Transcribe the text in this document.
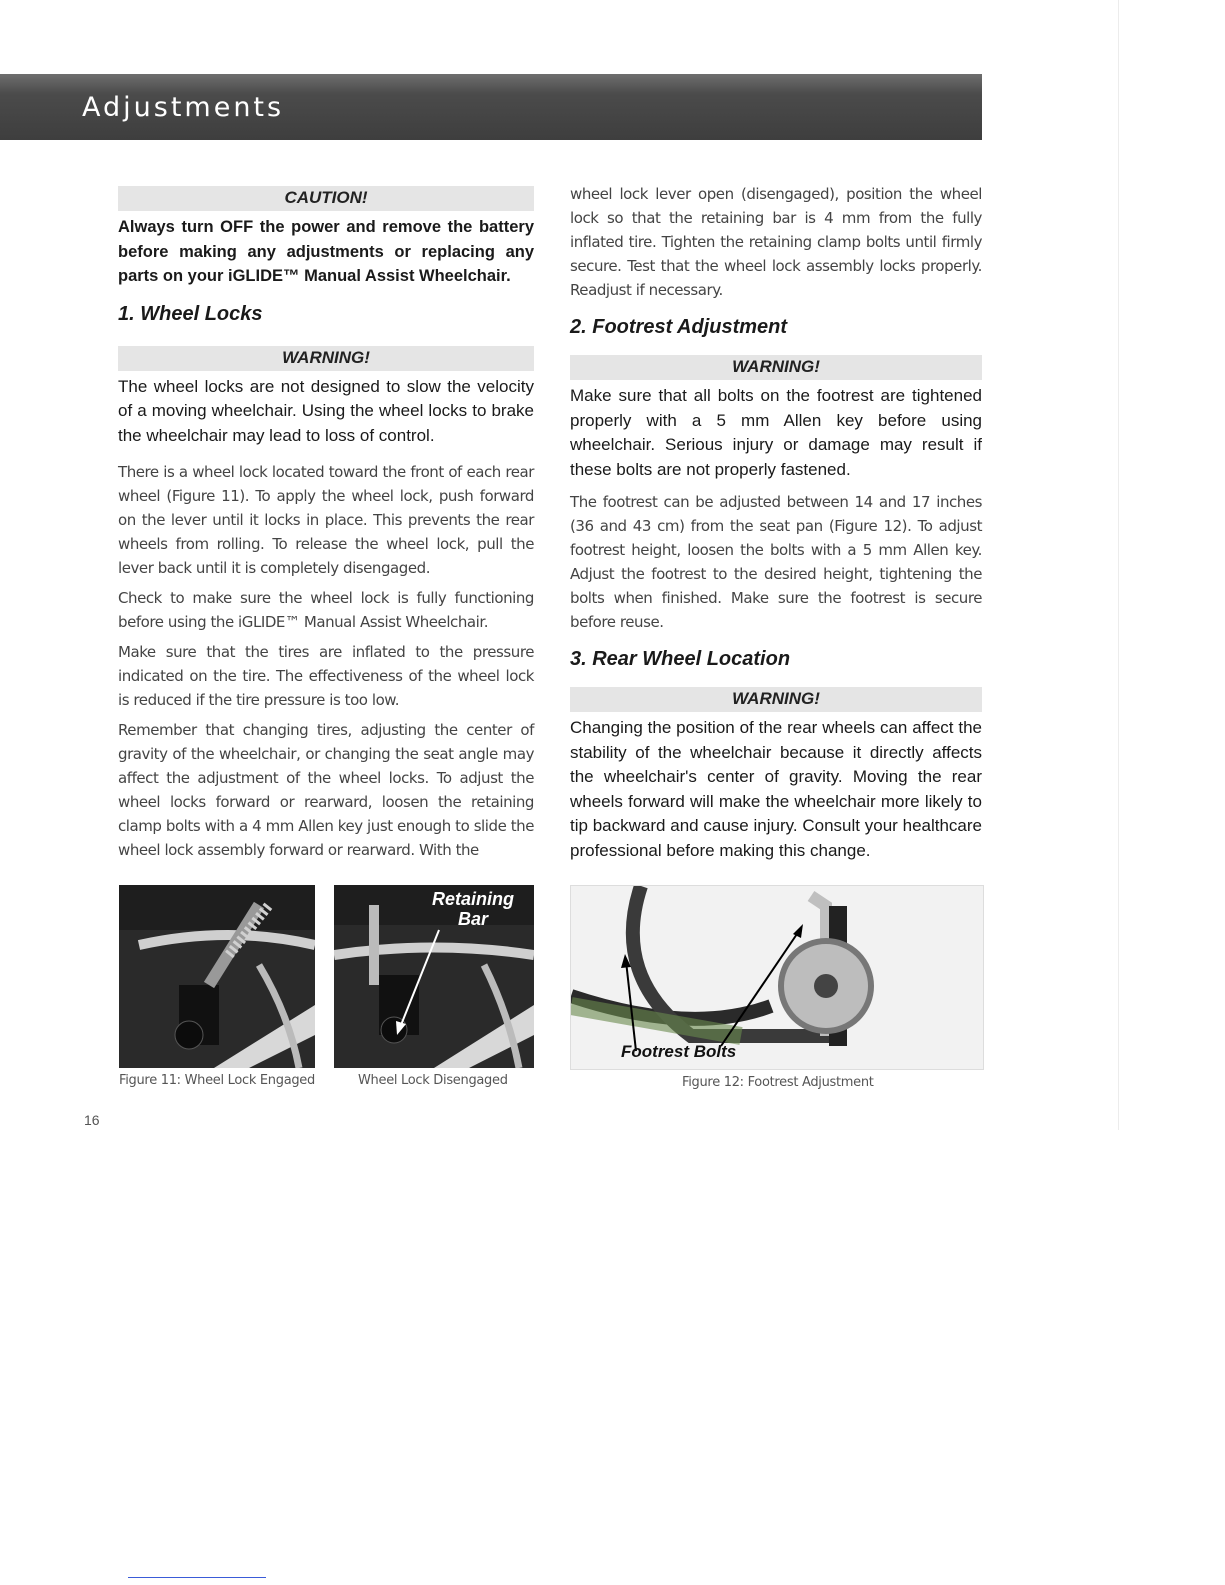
Adjustments
CAUTION!

Always turn OFF the power and remove the battery before making any adjustments or replacing any parts on your iGLIDE™ Manual Assist Wheelchair.

1. Wheel Locks
WARNING!

The wheel locks are not designed to slow the velocity of a moving wheelchair. Using the wheel locks to brake the wheelchair may lead to loss of control.

There is a wheel lock located toward the front of each rear wheel (Figure 11). To apply the wheel lock, push forward on the lever until it locks in place. This prevents the rear wheels from rolling. To release the wheel lock, pull the lever back until it is completely disengaged.

Check to make sure the wheel lock is fully functioning before using the iGLIDE™ Manual Assist Wheelchair.

Make sure that the tires are inflated to the pressure indicated on the tire. The effectiveness of the wheel lock is reduced if the tire pressure is too low.

Remember that changing tires, adjusting the center of gravity of the wheelchair, or changing the seat angle may affect the adjustment of the wheel locks. To adjust the wheel locks forward or rearward, loosen the retaining clamp bolts with a 4 mm Allen key just enough to slide the wheel lock assembly forward or rearward. With the

wheel lock lever open (disengaged), position the wheel lock so that the retaining bar is 4 mm from the fully inflated tire. Tighten the retaining clamp bolts until firmly secure. Test that the wheel lock assembly locks properly. Readjust if necessary.

2. Footrest Adjustment
WARNING!

Make sure that all bolts on the footrest are tightened properly with a 5 mm Allen key before using wheelchair. Serious injury or damage may result if these bolts are not properly fastened.

The footrest can be adjusted between 14 and 17 inches (36 and 43 cm) from the seat pan (Figure 12). To adjust footrest height, loosen the bolts with a 5 mm Allen key. Adjust the footrest to the desired height, tightening the bolts when finished. Make sure the footrest is secure before reuse.

3. Rear Wheel Location
WARNING!

Changing the position of the rear wheels can affect the stability of the wheelchair because it directly affects the wheelchair's center of gravity. Moving the rear wheels forward will make the wheelchair more likely to tip backward and cause injury. Consult your healthcare professional before making this change.

Figure 11: Wheel Lock Engaged
Retaining Bar
Wheel Lock Disengaged
Footrest Bolts
Figure 12: Footrest Adjustment
16
